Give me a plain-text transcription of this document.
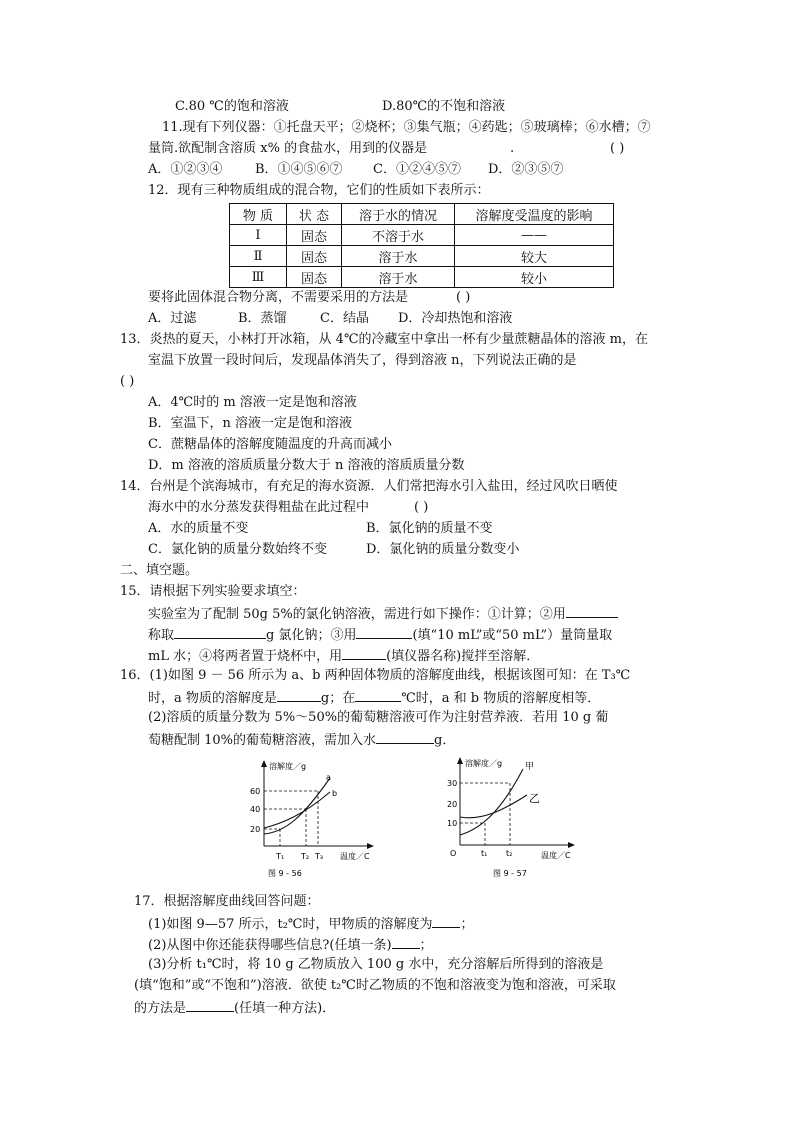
C.80 ℃的饱和溶液	D.80℃的不饱和溶液
11.现有下列仪器：①托盘天平；②烧杯；③集气瓶；④药匙；⑤玻璃棒；⑥水槽；⑦
量筒.欲配制含溶质 x% 的食盐水，用到的仪器是	.	( )
A．①②③④	B．①④⑤⑥⑦ C．①②④⑤⑦ D．②③⑤⑦
12．现有三种物质组成的混合物，它们的性质如下表所示：
物 质	状 态	溶于水的情况	溶解度受温度的影响
Ⅰ	固态	不溶于水	——
Ⅱ	固态	溶于水	较大
Ⅲ	固态	溶于水	较小
要将此固体混合物分离，不需要采用的方法是	( )
A．过滤	B．蒸馏	C．结晶 D．冷却热饱和溶液
13．炎热的夏天，小林打开冰箱，从 4℃的冷藏室中拿出一杯有少量蔗糖晶体的溶液 m，在
室温下放置一段时间后，发现晶体消失了，得到溶液 n，下列说法正确的是
( )
A．4℃时的 m 溶液一定是饱和溶液
B．室温下，n 溶液一定是饱和溶液
C．蔗糖晶体的溶解度随温度的升高而减小
D．m 溶液的溶质质量分数大于 n 溶液的溶质质量分数
14．台州是个滨海城市，有充足的海水资源．人们常把海水引入盐田，经过风吹日晒使
海水中的水分蒸发获得粗盐在此过程中	( )
A．水的质量不变	B．氯化钠的质量不变
C．氯化钠的质量分数始终不变	D．氯化钠的质量分数变小
二、填空题。
15．请根据下列实验要求填空：
实验室为了配制 50g 5%的氯化钠溶液，需进行如下操作：①计算；②用
称取	g 氯化钠；③用	(填“10 mL”或“50 mL”）量筒量取
mL 水；④将两者置于烧杯中，用	(填仪器名称)搅拌至溶解．
16．(1)如图 9 － 56 所示为 a、b 两种固体物质的溶解度曲线，根据该图可知：在 T₃℃
时，a 物质的溶解度是	g；在	℃时，a 和 b 物质的溶解度相等．
(2)溶质的质量分数为 5%～50%的葡萄糖溶液可作为注射营养液．若用 10 g 葡
萄糖配制 10%的葡萄糖溶液，需加入水	g．
溶解度／g
温度／C
20
40
60
a
b
T₁ T₂ T₃
图 9 - 56
溶解度／g
温度／C
10
20
30
O
甲
乙
t₁ t₂
图 9 - 57
17．根据溶解度曲线回答问题：
(1)如图 9—57 所示，t₂℃时，甲物质的溶解度为 ；
(2)从图中你还能获得哪些信息?(任填一条) ；
(3)分析 t₁℃时，将 10 g 乙物质放入 100 g 水中，充分溶解后所得到的溶液是
(填“饱和”或“不饱和”)溶液．欲使 t₂℃时乙物质的不饱和溶液变为饱和溶液，可采取
的方法是	(任填一种方法)．
